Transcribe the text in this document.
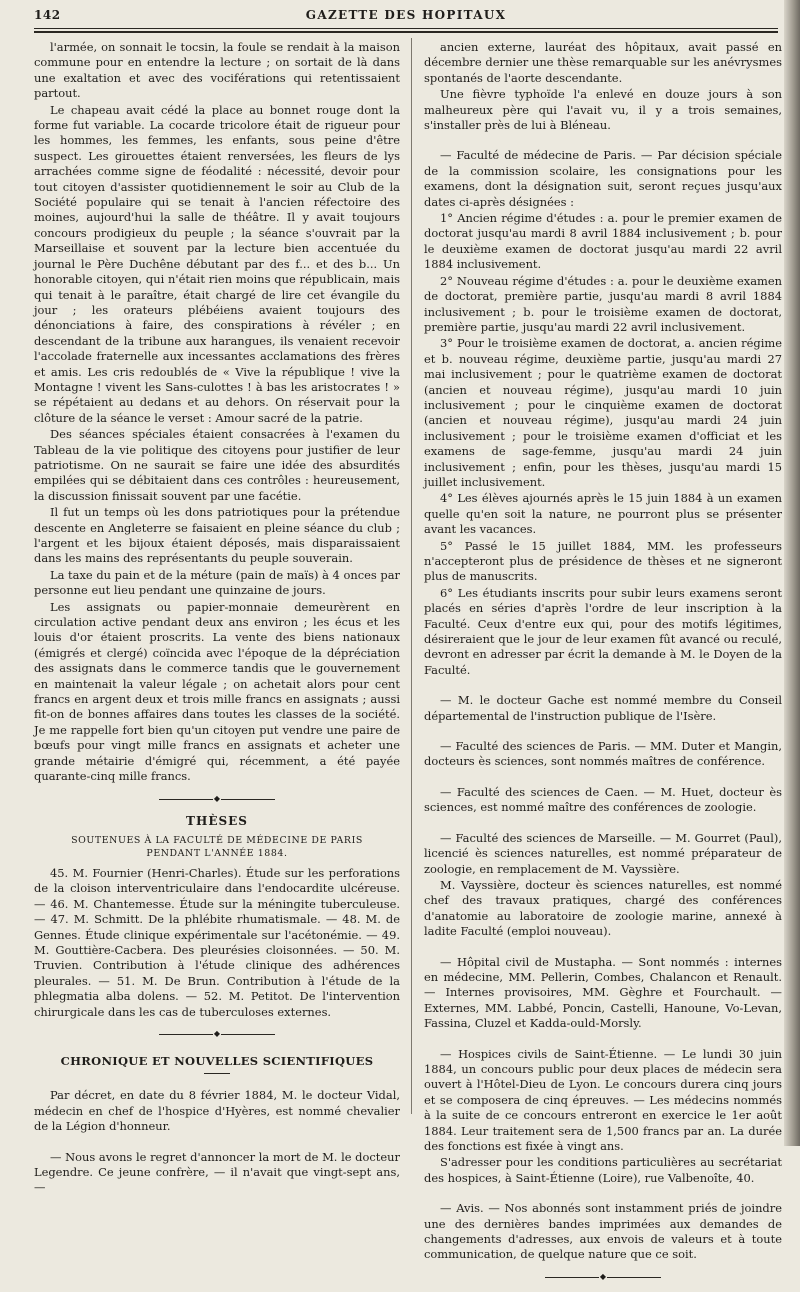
142	GAZETTE DES HOPITAUX

l'armée, on sonnait le tocsin, la foule se rendait à la maison commune pour en entendre la lecture ; on sortait de là dans une exaltation et avec des vociférations qui retentissaient partout.

Le chapeau avait cédé la place au bonnet rouge dont la forme fut variable. La cocarde tricolore était de rigueur pour les hommes, les femmes, les enfants, sous peine d'être suspect. Les girouettes étaient renversées, les fleurs de lys arrachées comme signe de féodalité : nécessité, devoir pour tout citoyen d'assister quotidiennement le soir au Club de la Société populaire qui se tenait à l'ancien réfectoire des moines, aujourd'hui la salle de théâtre. Il y avait toujours concours prodigieux du peuple ; la séance s'ouvrait par la Marseillaise et souvent par la lecture bien accentuée du journal le Père Duchêne débutant par des f... et des b... Un honorable citoyen, qui n'était rien moins que républicain, mais qui tenait à le paraître, était chargé de lire cet évangile du jour ; les orateurs plébéiens avaient toujours des dénonciations à faire, des conspirations à révéler ; en descendant de la tribune aux harangues, ils venaient recevoir l'accolade fraternelle aux incessantes acclamations des frères et amis. Les cris redoublés de « Vive la république ! vive la Montagne ! vivent les Sans-culottes ! à bas les aristocrates ! » se répétaient au dedans et au dehors. On réservait pour la clôture de la séance le verset : Amour sacré de la patrie.

Des séances spéciales étaient consacrées à l'examen du Tableau de la vie politique des citoyens pour justifier de leur patriotisme. On ne saurait se faire une idée des absurdités empilées qui se débitaient dans ces contrôles : heureusement, la discussion finissait souvent par une facétie.

Il fut un temps où les dons patriotiques pour la prétendue descente en Angleterre se faisaient en pleine séance du club ; l'argent et les bijoux étaient déposés, mais disparaissaient dans les mains des représentants du peuple souverain.

La taxe du pain et de la méture (pain de maïs) à 4 onces par personne eut lieu pendant une quinzaine de jours.

Les assignats ou papier-monnaie demeurèrent en circulation active pendant deux ans environ ; les écus et les louis d'or étaient proscrits. La vente des biens nationaux (émigrés et clergé) coïncida avec l'époque de la dépréciation des assignats dans le commerce tandis que le gouvernement en maintenait la valeur légale ; on achetait alors pour cent francs en argent deux et trois mille francs en assignats ; aussi fit-on de bonnes affaires dans toutes les classes de la société. Je me rappelle fort bien qu'un citoyen put vendre une paire de bœufs pour vingt mille francs en assignats et acheter une grande métairie d'émigré qui, récemment, a été payée quarante-cinq mille francs.

◆
THÈSES
SOUTENUES À LA FACULTÉ DE MÉDECINE DE PARIS
PENDANT L'ANNÉE 1884.

45. M. Fournier (Henri-Charles). Étude sur les perforations de la cloison interventriculaire dans l'endocardite ulcéreuse. — 46. M. Chantemesse. Étude sur la méningite tuberculeuse. — 47. M. Schmitt. De la phlébite rhumatismale. — 48. M. de Gennes. Étude clinique expérimentale sur l'acétonémie. — 49. M. Gouttière-Cacbera. Des pleurésies cloisonnées. — 50. M. Truvien. Contribution à l'étude clinique des adhérences pleurales. — 51. M. De Brun. Contribution à l'étude de la phlegmatia alba dolens. — 52. M. Petitot. De l'intervention chirurgicale dans les cas de tuberculoses externes.

◆
CHRONIQUE ET NOUVELLES SCIENTIFIQUES

Par décret, en date du 8 février 1884, M. le docteur Vidal, médecin en chef de l'hospice d'Hyères, est nommé chevalier de la Légion d'honneur.

— Nous avons le regret d'annoncer la mort de M. le docteur Legendre. Ce jeune confrère, — il n'avait que vingt-sept ans, —

ancien externe, lauréat des hôpitaux, avait passé en décembre dernier une thèse remarquable sur les anévrysmes spontanés de l'aorte descendante.

Une fièvre typhoïde l'a enlevé en douze jours à son malheureux père qui l'avait vu, il y a trois semaines, s'installer près de lui à Bléneau.

— Faculté de médecine de Paris. — Par décision spéciale de la commission scolaire, les consignations pour les examens, dont la désignation suit, seront reçues jusqu'aux dates ci-après désignées :

1° Ancien régime d'études : a. pour le premier examen de doctorat jusqu'au mardi 8 avril 1884 inclusivement ; b. pour le deuxième examen de doctorat jusqu'au mardi 22 avril 1884 inclusivement.

2° Nouveau régime d'études : a. pour le deuxième examen de doctorat, première partie, jusqu'au mardi 8 avril 1884 inclusivement ; b. pour le troisième examen de doctorat, première partie, jusqu'au mardi 22 avril inclusivement.

3° Pour le troisième examen de doctorat, a. ancien régime et b. nouveau régime, deuxième partie, jusqu'au mardi 27 mai inclusivement ; pour le quatrième examen de doctorat (ancien et nouveau régime), jusqu'au mardi 10 juin inclusivement ; pour le cinquième examen de doctorat (ancien et nouveau régime), jusqu'au mardi 24 juin inclusivement ; pour le troisième examen d'officiat et les examens de sage-femme, jusqu'au mardi 24 juin inclusivement ; enfin, pour les thèses, jusqu'au mardi 15 juillet inclusivement.

4° Les élèves ajournés après le 15 juin 1884 à un examen quelle qu'en soit la nature, ne pourront plus se présenter avant les vacances.

5° Passé le 15 juillet 1884, MM. les professeurs n'accepteront plus de présidence de thèses et ne signeront plus de manuscrits.

6° Les étudiants inscrits pour subir leurs examens seront placés en séries d'après l'ordre de leur inscription à la Faculté. Ceux d'entre eux qui, pour des motifs légitimes, désireraient que le jour de leur examen fût avancé ou reculé, devront en adresser par écrit la demande à M. le Doyen de la Faculté.

— M. le docteur Gache est nommé membre du Conseil départemental de l'instruction publique de l'Isère.

— Faculté des sciences de Paris. — MM. Duter et Mangin, docteurs ès sciences, sont nommés maîtres de conférence.

— Faculté des sciences de Caen. — M. Huet, docteur ès sciences, est nommé maître des conférences de zoologie.

— Faculté des sciences de Marseille. — M. Gourret (Paul), licencié ès sciences naturelles, est nommé préparateur de zoologie, en remplacement de M. Vayssière.

M. Vayssière, docteur ès sciences naturelles, est nommé chef des travaux pratiques, chargé des conférences d'anatomie au laboratoire de zoologie marine, annexé à ladite Faculté (emploi nouveau).

— Hôpital civil de Mustapha. — Sont nommés : internes en médecine, MM. Pellerin, Combes, Chalancon et Renault. — Internes provisoires, MM. Gèghre et Fourchault. — Externes, MM. Labbé, Poncin, Castelli, Hanoune, Vo-Levan, Fassina, Cluzel et Kadda-ould-Morsly.

— Hospices civils de Saint-Étienne. — Le lundi 30 juin 1884, un concours public pour deux places de médecin sera ouvert à l'Hôtel-Dieu de Lyon. Le concours durera cinq jours et se composera de cinq épreuves. — Les médecins nommés à la suite de ce concours entreront en exercice le 1er août 1884. Leur traitement sera de 1,500 francs par an. La durée des fonctions est fixée à vingt ans.

S'adresser pour les conditions particulières au secrétariat des hospices, à Saint-Étienne (Loire), rue Valbenoîte, 40.

— Avis. — Nos abonnés sont instamment priés de joindre une des dernières bandes imprimées aux demandes de changements d'adresses, aux envois de valeurs et à toute communication, de quelque nature que ce soit.

◆
